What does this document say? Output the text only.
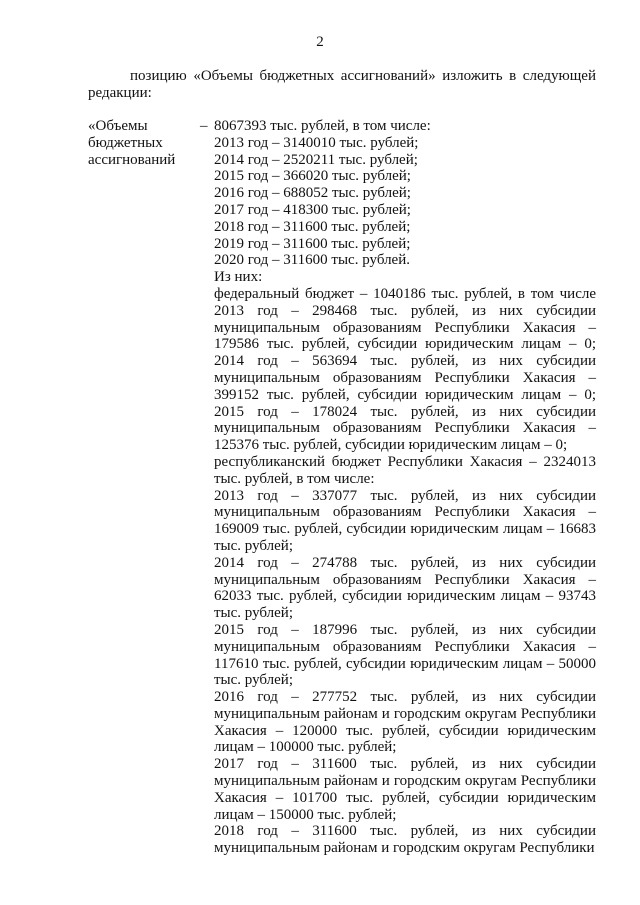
2
позицию «Объемы бюджетных ассигнований» изложить в следующей редакции:
«Объемы
бюджетных
ассигнований
– 8067393 тыс. рублей, в том числе:
2013 год – 3140010 тыс. рублей;
2014 год – 2520211 тыс. рублей;
2015 год – 366020 тыс. рублей;
2016 год – 688052 тыс. рублей;
2017 год – 418300 тыс. рублей;
2018 год – 311600 тыс. рублей;
2019 год – 311600 тыс. рублей;
2020 год – 311600 тыс. рублей.
Из них:
федеральный бюджет – 1040186 тыс. рублей, в том числе 2013 год – 298468 тыс. рублей, из них субсидии муниципальным образованиям Республики Хакасия – 179586 тыс. рублей, субсидии юридическим лицам – 0; 2014 год – 563694 тыс. рублей, из них субсидии муниципальным образованиям Республики Хакасия – 399152 тыс. рублей, субсидии юридическим лицам – 0; 2015 год – 178024 тыс. рублей, из них субсидии муниципальным образованиям Республики Хакасия – 125376 тыс. рублей, субсидии юридическим лицам – 0;
республиканский бюджет Республики Хакасия – 2324013 тыс. рублей, в том числе:
2013 год – 337077 тыс. рублей, из них субсидии муниципальным образованиям Республики Хакасия – 169009 тыс. рублей, субсидии юридическим лицам – 16683 тыс. рублей;
2014 год – 274788 тыс. рублей, из них субсидии муниципальным образованиям Республики Хакасия – 62033 тыс. рублей, субсидии юридическим лицам – 93743 тыс. рублей;
2015 год – 187996 тыс. рублей, из них субсидии муниципальным образованиям Республики Хакасия – 117610 тыс. рублей, субсидии юридическим лицам – 50000 тыс. рублей;
2016 год – 277752 тыс. рублей, из них субсидии муниципальным районам и городским округам Республики Хакасия – 120000 тыс. рублей, субсидии юридическим лицам – 100000 тыс. рублей;
2017 год – 311600 тыс. рублей, из них субсидии муниципальным районам и городским округам Республики Хакасия – 101700 тыс. рублей, субсидии юридическим лицам – 150000 тыс. рублей;
2018 год – 311600 тыс. рублей, из них субсидии муниципальным районам и городским округам Республики
